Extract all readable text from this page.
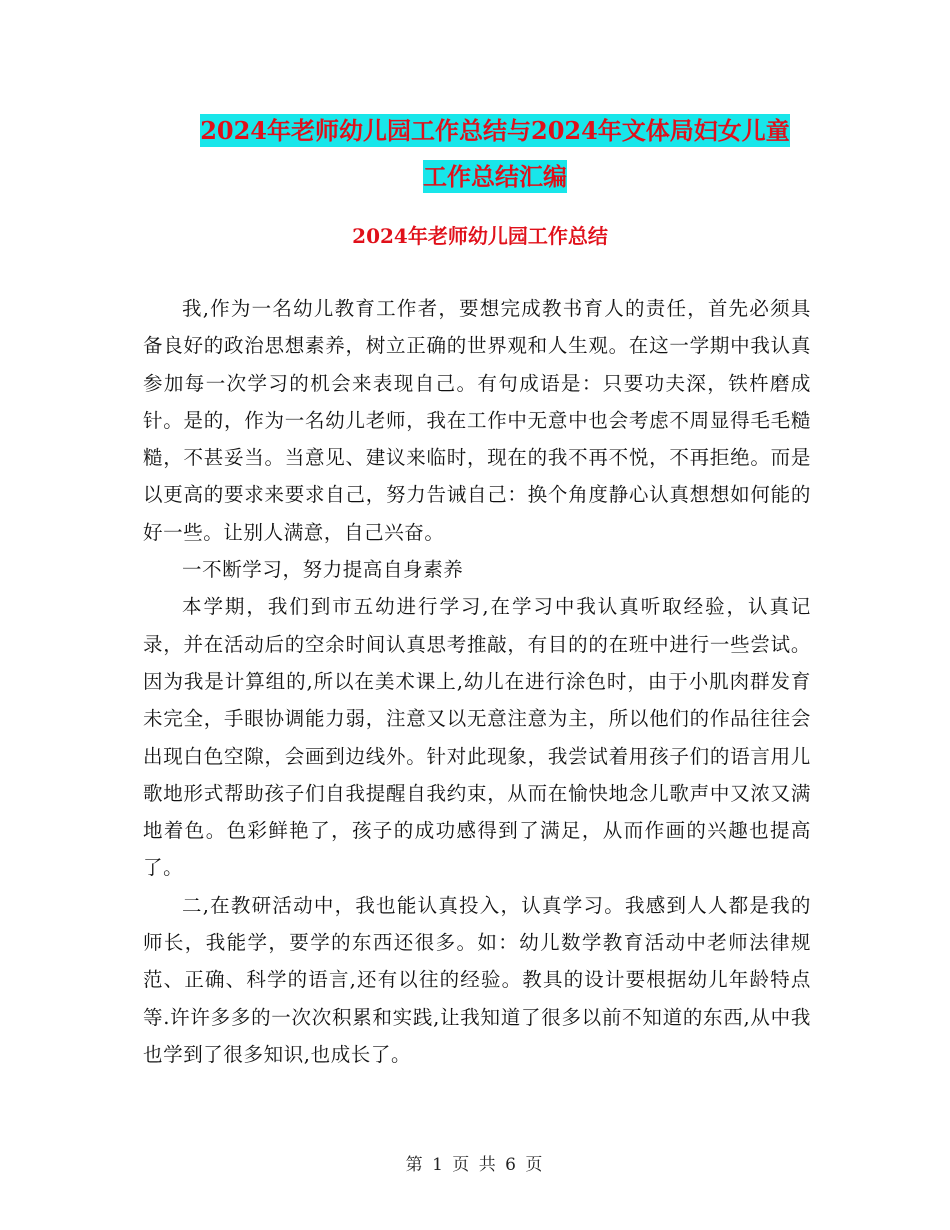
2024年老师幼儿园工作总结与2024年文体局妇女儿童
工作总结汇编
2024年老师幼儿园工作总结

我,作为一名幼儿教育工作者，要想完成教书育人的责任，首先必须具备良好的政治思想素养，树立正确的世界观和人生观。在这一学期中我认真参加每一次学习的机会来表现自己。有句成语是：只要功夫深，铁杵磨成针。是的，作为一名幼儿老师，我在工作中无意中也会考虑不周显得毛毛糙糙，不甚妥当。当意见、建议来临时，现在的我不再不悦，不再拒绝。而是以更高的要求来要求自己，努力告诫自己：换个角度静心认真想想如何能的好一些。让别人满意，自己兴奋。

一不断学习，努力提高自身素养

本学期，我们到市五幼进行学习,在学习中我认真听取经验，认真记录，并在活动后的空余时间认真思考推敲，有目的的在班中进行一些尝试。因为我是计算组的,所以在美术课上,幼儿在进行涂色时，由于小肌肉群发育未完全，手眼协调能力弱，注意又以无意注意为主，所以他们的作品往往会出现白色空隙，会画到边线外。针对此现象，我尝试着用孩子们的语言用儿歌地形式帮助孩子们自我提醒自我约束，从而在愉快地念儿歌声中又浓又满地着色。色彩鲜艳了，孩子的成功感得到了满足，从而作画的兴趣也提高了。

二,在教研活动中，我也能认真投入，认真学习。我感到人人都是我的师长，我能学，要学的东西还很多。如：幼儿数学教育活动中老师法律规范、正确、科学的语言,还有以往的经验。教具的设计要根据幼儿年龄特点等.许许多多的一次次积累和实践,让我知道了很多以前不知道的东西,从中我也学到了很多知识,也成长了。

第 1 页 共 6 页
